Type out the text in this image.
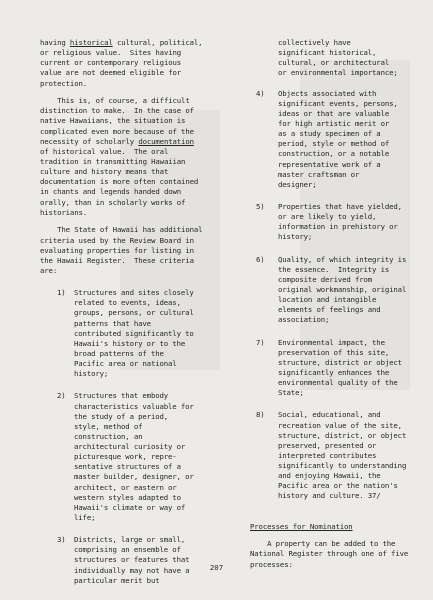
having historical cultural, political,
or religious value.  Sites having
current or contemporary religious
value are not deemed eligible for
protection.
This is, of course, a difficult
distinction to make.  In the case of
native Hawaiians, the situation is
complicated even more because of the
necessity of scholarly documentation
of historical value.  The oral
tradition in transmitting Hawaiian
culture and history means that
documentation is more often contained
in chants and legends handed down
orally, than in scholarly works of
historians.
The State of Hawaii has additional
criteria used by the Review Board in
evaluating properties for listing in
the Hawaii Register.  These criteria
are:
1) Structures and sites closely
related to events, ideas,
groups, persons, or cultural
patterns that have
contributed significantly to
Hawaii's history or to the
broad patterns of the
Pacific area or national
history;
2) Structures that embody
characteristics valuable for
the study of a period,
style, method of
construction, an
architectural curiosity or
picturesque work, repre-
sentative structures of a
master builder, designer, or
architect, or eastern or
western styles adapted to
Hawaii's climate or way of
life;
3) Districts, large or small,
comprising an ensemble of
structures or features that
individually may not have a
particular merit but
collectively have
significant historical,
cultural, or architectural
or environmental importance;
4) Objects associated with
significant events, persons,
ideas or that are valuable
for high artistic merit or
as a study specimen of a
period, style or method of
construction, or a notable
representative work of a
master craftsman or
designer;
5) Properties that have yielded,
or are likely to yield,
information in prehistory or
history;
6) Quality, of which integrity is
the essence.  Integrity is
composite derived from
original workmanship, original
location and intangible
elements of feelings and
association;
7) Environmental impact, the
preservation of this site,
structure, district or object
significantly enhances the
environmental quality of the
State;
8) Social, educational, and
recreation value of the site,
structure, district, or object
preserved, presented or
interpreted contributes
significantly to understanding
and enjoying Hawaii, the
Pacific area or the nation's
history and culture. 37/
Processes for Nomination
A property can be added to the
National Register through one of five
processes:
207
